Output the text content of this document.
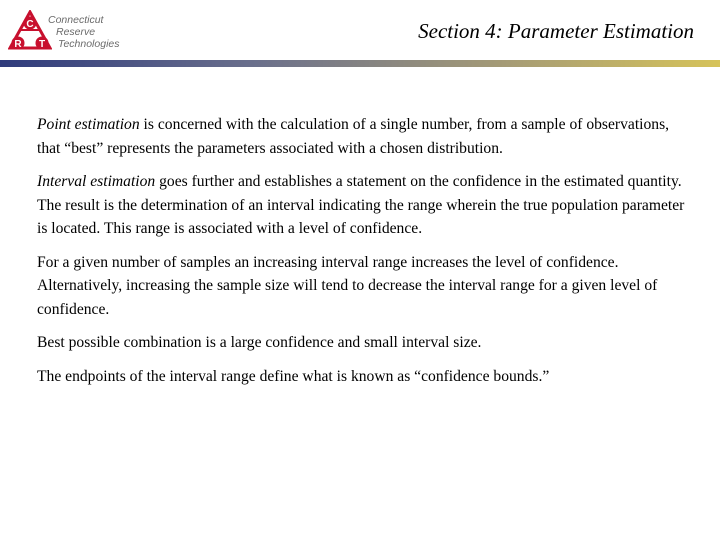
C
R T
Connecticut
Reserve
Technologies
Section 4: Parameter Estimation

Point estimation is concerned with the calculation of a single number, from a sample of observations, that “best” represents the parameters associated with a chosen distribution.

Interval estimation goes further and establishes a statement on the confidence in the estimated quantity. The result is the determination of an interval indicating the range wherein the true population parameter is located. This range is associated with a level of confidence.

For a given number of samples an increasing interval range increases the level of confidence. Alternatively, increasing the sample size will tend to decrease the interval range for a given level of confidence.

Best possible combination is a large confidence and small interval size.

The endpoints of the interval range define what is known as “confidence bounds.”
